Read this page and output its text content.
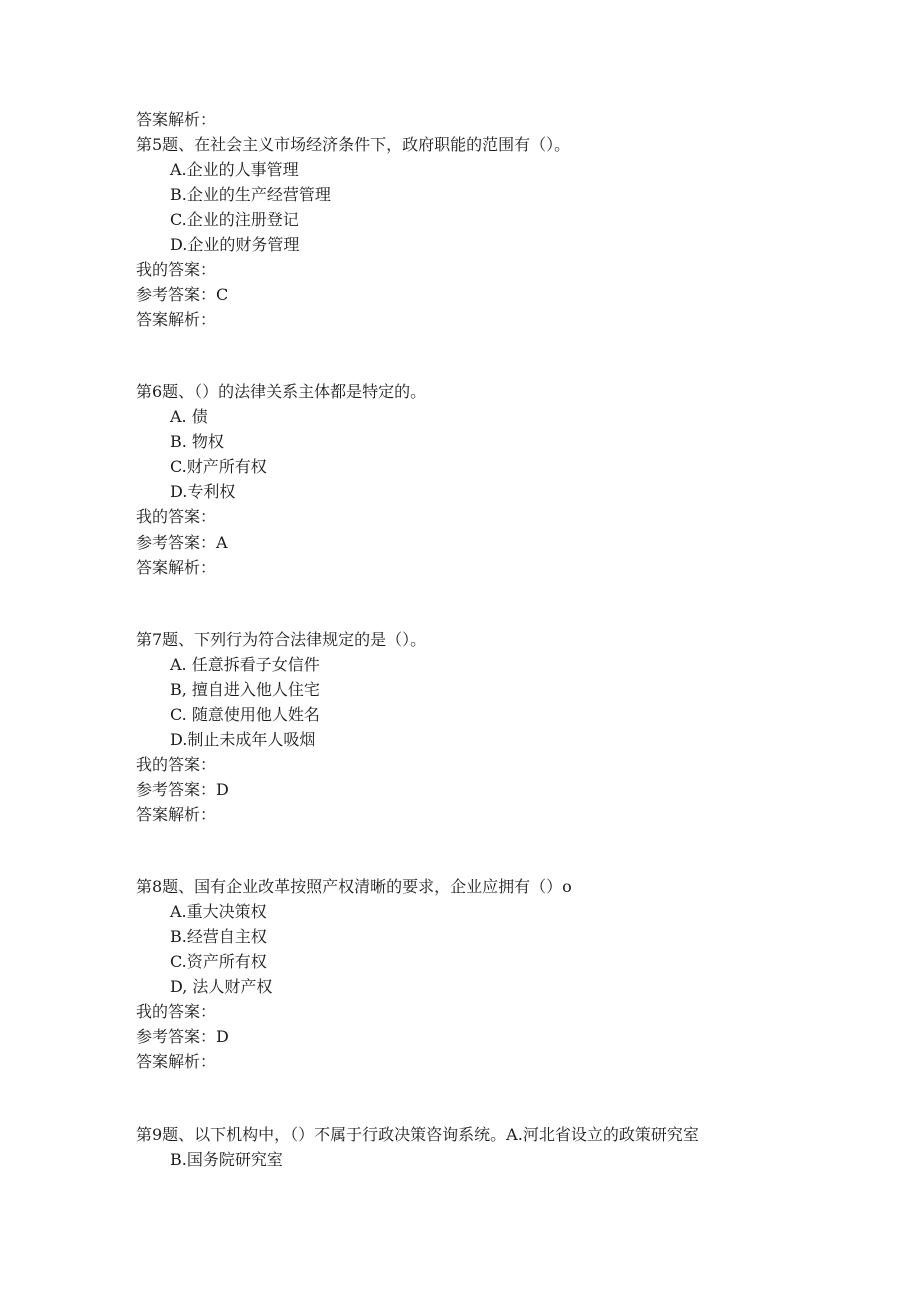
答案解析：
第5题、在社会主义市场经济条件下，政府职能的范围有（）。
A.企业的人事管理
B.企业的生产经营管理
C.企业的注册登记
D.企业的财务管理
我的答案：
参考答案：C
答案解析：
第6题、（）的法律关系主体都是特定的。
A. 债
B. 物权
C.财产所有权
D.专利权
我的答案：
参考答案：A
答案解析：
第7题、下列行为符合法律规定的是（）。
A. 任意拆看子女信件
B, 擅自进入他人住宅
C. 随意使用他人姓名
D.制止未成年人吸烟
我的答案：
参考答案：D
答案解析：
第8题、国有企业改革按照产权清晰的要求，企业应拥有（）o
A.重大决策权
B.经营自主权
C.资产所有权
D, 法人财产权
我的答案：
参考答案：D
答案解析：
第9题、以下机构中，（）不属于行政决策咨询系统。A.河北省设立的政策研究室
B.国务院研究室
